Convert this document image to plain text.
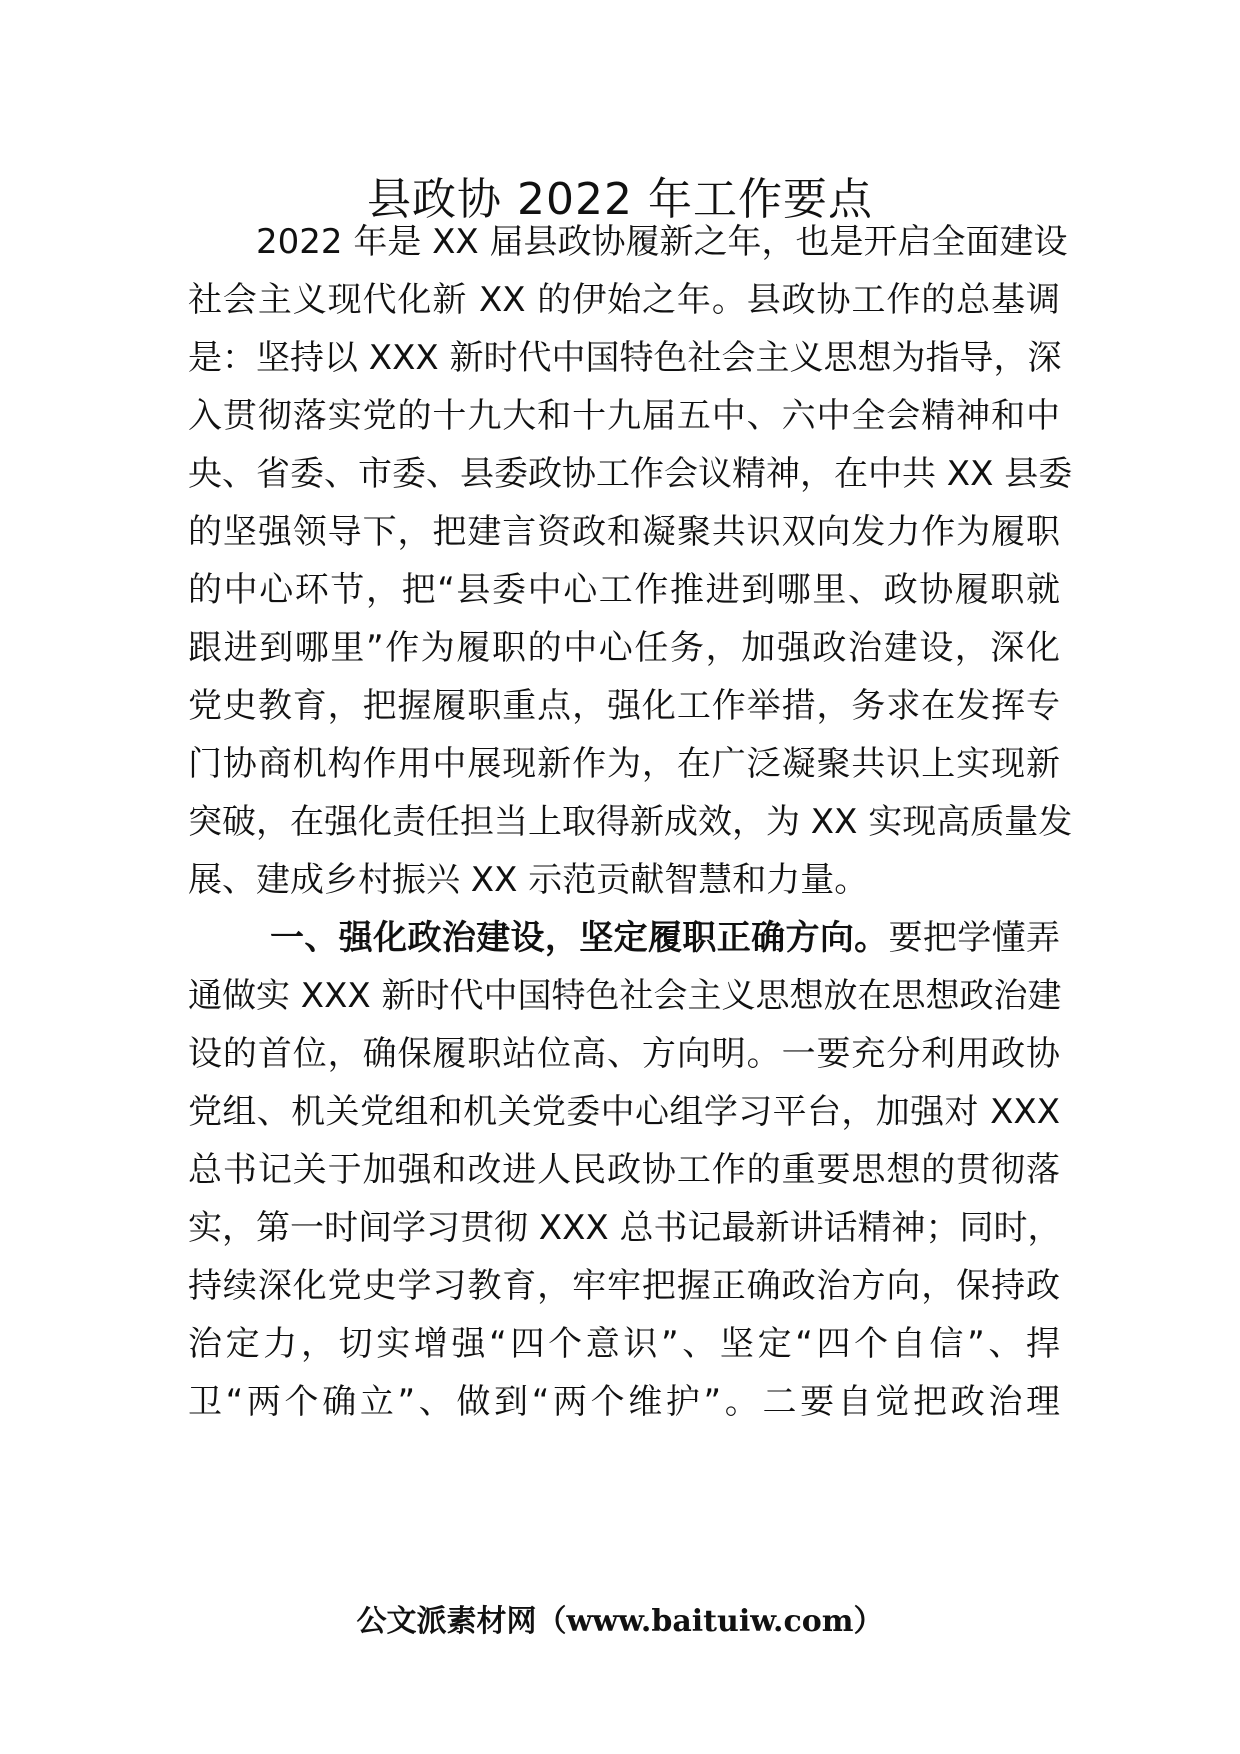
县政协 2022 年工作要点
2022 年是 XX 届县政协履新之年，也是开启全面建设
社会主义现代化新 XX 的伊始之年。县政协工作的总基调
是：坚持以 XXX 新时代中国特色社会主义思想为指导，深
入贯彻落实党的十九大和十九届五中、六中全会精神和中
央、省委、市委、县委政协工作会议精神，在中共 XX 县委
的坚强领导下，把建言资政和凝聚共识双向发力作为履职
的中心环节，把“县委中心工作推进到哪里、政协履职就
跟进到哪里”作为履职的中心任务，加强政治建设，深化
党史教育，把握履职重点，强化工作举措，务求在发挥专
门协商机构作用中展现新作为，在广泛凝聚共识上实现新
突破，在强化责任担当上取得新成效，为 XX 实现高质量发
展、建成乡村振兴 XX 示范贡献智慧和力量。
一、强化政治建设，坚定履职正确方向。要把学懂弄
通做实 XXX 新时代中国特色社会主义思想放在思想政治建
设的首位，确保履职站位高、方向明。一要充分利用政协
党组、机关党组和机关党委中心组学习平台，加强对 XXX
总书记关于加强和改进人民政协工作的重要思想的贯彻落
实，第一时间学习贯彻 XXX 总书记最新讲话精神；同时，
持续深化党史学习教育，牢牢把握正确政治方向，保持政
治定力，切实增强“四个意识”、坚定“四个自信”、捍
卫“两个确立”、做到“两个维护”。二要自觉把政治理
公文派素材网（www.baituiw.com）
